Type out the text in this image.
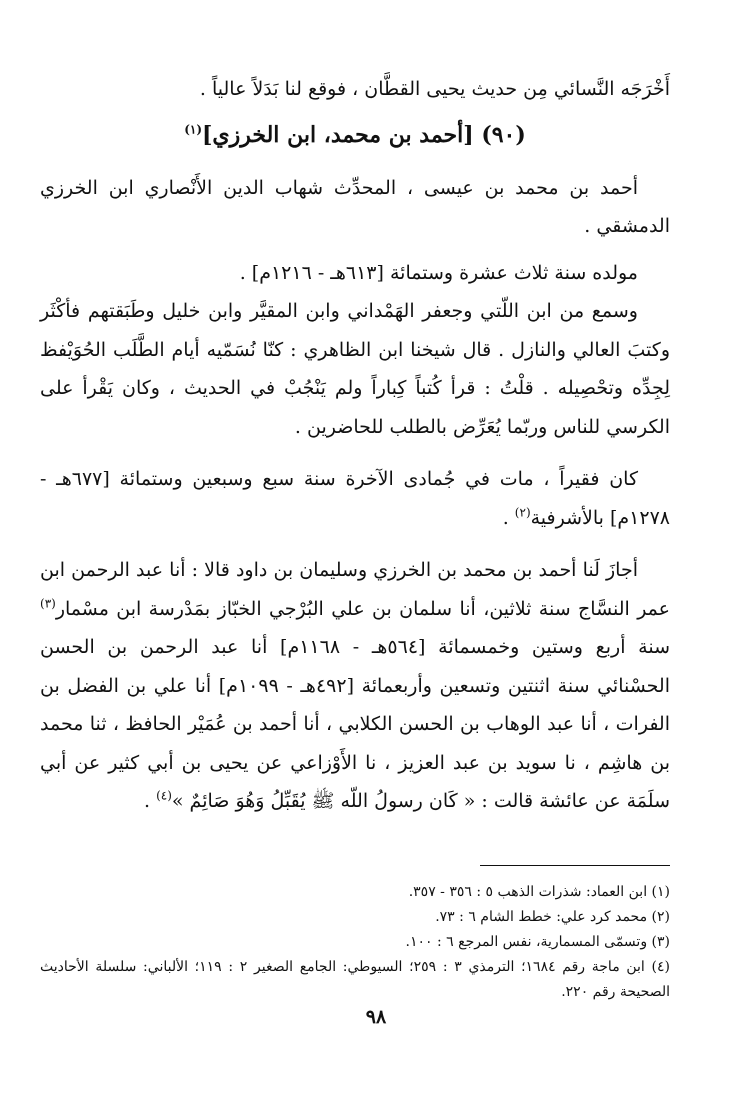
أَخْرَجَه النَّسائي مِن حديث يحيى القطَّان ، فوقع لنا بَدَلاً عالياً .

(٩٠) [أحمد بن محمد، ابن الخرزي]$^{(١)}$

أحمد بن محمد بن عيسى ، المحدِّث شهاب الدين الأَنْصاري ابن الخرزي الدمشقي .

مولده سنة ثلاث عشرة وستمائة [٦١٣هـ - ١٢١٦م] .

وسمع من ابن اللّتي وجعفر الهَمْداني وابن المقيَّر وابن خليل وطَبَقتهم فأكْثَر وكتبَ العالي والنازل . قال شيخنا ابن الظاهري : كنّا نُسَمّيه أيام الطَّلَب الحُوَيْفظ لِجِدِّه وتحْصِيله . قلْتُ : قرأ كُتباً كِباراً ولم يَنْجُبْ في الحديث ، وكان يَقْرأ على الكرسي للناس وربّما يُعَرِّض بالطلب للحاضرين .

كان فقيراً ، مات في جُمادى الآخرة سنة سبع وسبعين وستمائة [٦٧٧هـ - ١٢٧٨م] بالأشرفية$^{(٢)}$ .

أجازَ لَنا أحمد بن محمد بن الخرزي وسليمان بن داود قالا : أنا عبد الرحمن ابن عمر النسَّاج سنة ثلاثين، أنا سلمان بن علي البُرْجي الخبّاز بمَدْرسة ابن مسْمار$^{(٣)}$ سنة أربع وستين وخمسمائة [٥٦٤هـ - ١١٦٨م] أنا عبد الرحمن بن الحسن الحسْنائي سنة اثنتين وتسعين وأربعمائة [٤٩٢هـ - ١٠٩٩م] أنا علي بن الفضل بن الفرات ، أنا عبد الوهاب بن الحسن الكلابي ، أنا أحمد بن عُمَيْر الحافظ ، ثنا محمد بن هاشِم ، نا سويد بن عبد العزيز ، نا الأَوْزاعي عن يحيى بن أبي كثير عن أبي سلَمَة عن عائشة قالت : « كَان رسولُ اللّه ﷺ يُقَبِّلُ وَهُوَ صَائِمٌ »$^{(٤)}$ .

(١) ابن العماد: شذرات الذهب ٥ : ٣٥٦ - ٣٥٧.

(٢) محمد كرد علي: خطط الشام ٦ : ٧٣.

(٣) وتسمّى المسمارية، نفس المرجع ٦ : ١٠٠.

(٤) ابن ماجة رقم ١٦٨٤؛ الترمذي ٣ : ٢٥٩؛ السيوطي: الجامع الصغير ٢ : ١١٩؛ الألباني: سلسلة الأحاديث الصحيحة رقم ٢٢٠.

٩٨
